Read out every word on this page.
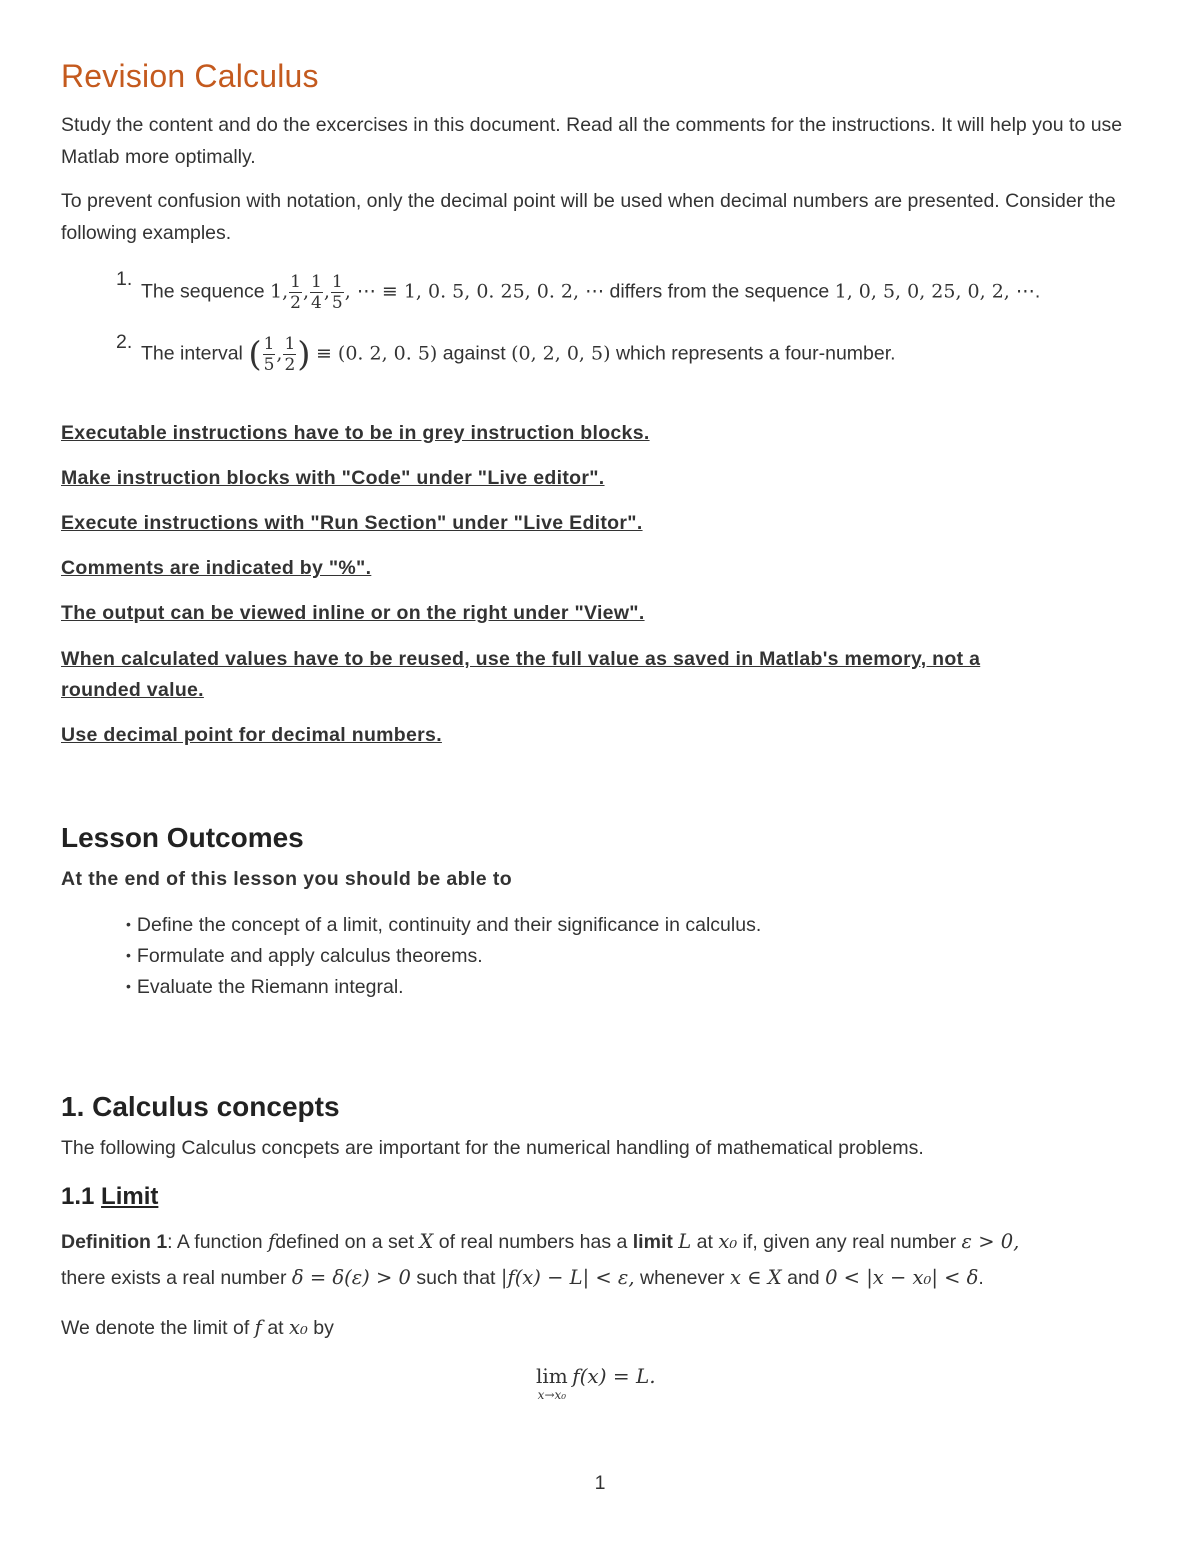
Revision Calculus

Study the content and do the excercises in this document. Read all the comments for the instructions. It will help you to use Matlab more optimally.

To prevent confusion with notation, only the decimal point will be used when decimal numbers are presented. Consider the following examples.

1.
The sequence 1, $\frac{1}{2}$ , $\frac{1}{4}$ , $\frac{1}{5}$ , ⋯ ≡ 1, 0. 5, 0. 25, 0. 2, ⋯ differs from the sequence 1, 0, 5, 0, 25, 0, 2, ⋯.
2.
The interval ( $\frac{1}{5}$ , $\frac{1}{2}$ ) ≡ (0. 2, 0. 5) against (0, 2, 0, 5) which represents a four-number.

Executable instructions have to be in grey instruction blocks.

Make instruction blocks with "Code" under "Live editor".

Execute instructions with "Run Section" under "Live Editor".

Comments are indicated by "%".

The output can be viewed inline or on the right under "View".

When calculated values have to be reused, use the full value as saved in Matlab's memory, not a rounded value.

Use decimal point for decimal numbers.

Lesson Outcomes

At the end of this lesson you should be able to

• Define the concept of a limit, continuity and their significance in calculus.
• Formulate and apply calculus theorems.
• Evaluate the Riemann integral.
1. Calculus concepts

The following Calculus concpets are important for the numerical handling of mathematical problems.

1.1 Limit

Definition 1: A function fdefined on a set X of real numbers has a limit L at x₀ if, given any real number ε > 0,
there exists a real number δ = δ(ε) > 0 such that |f(x) − L| < ε, whenever x ∈ X and 0 < |x − x₀| < δ.

We denote the limit of f at x₀ by

lim
x→x₀
f(x) = L.
1
